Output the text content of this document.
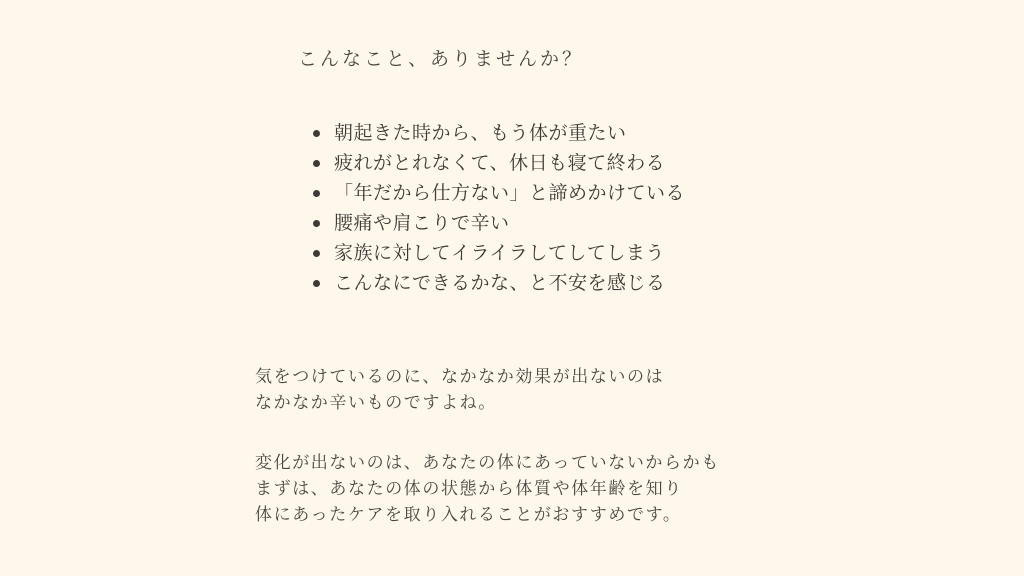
こんなこと、ありませんか？
朝起きた時から、もう体が重たい
疲れがとれなくて、休日も寝て終わる
「年だから仕方ない」と諦めかけている
腰痛や肩こりで辛い
家族に対してイライラしてしてしまう
こんなにできるかな、と不安を感じる

気をつけているのに、なかなか効果が出ないのは
なかなか辛いものですよね。

変化が出ないのは、あなたの体にあっていないからかも
まずは、あなたの体の状態から体質や体年齢を知り
体にあったケアを取り入れることがおすすめです。
